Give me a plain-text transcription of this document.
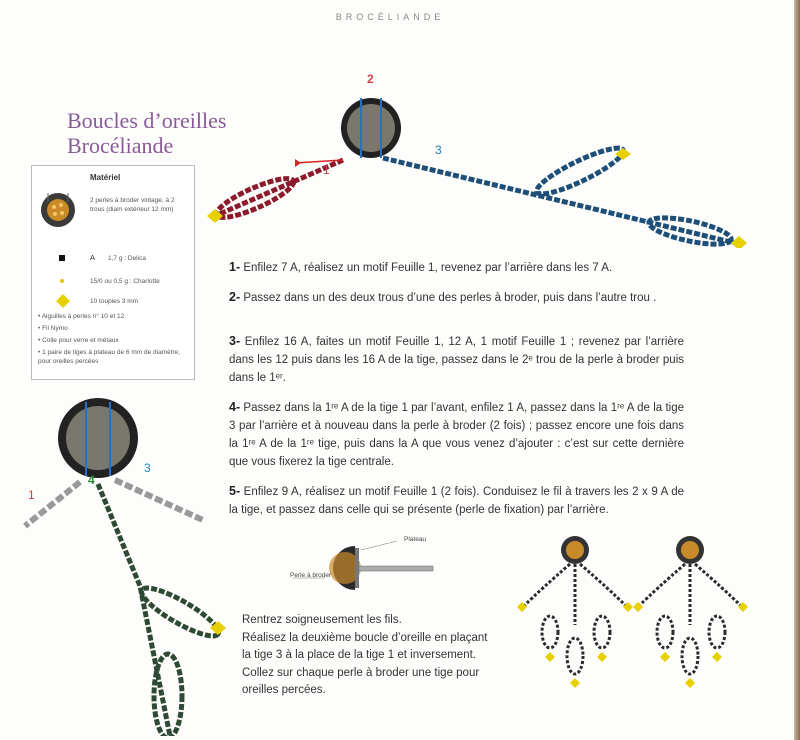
BROCÉLIANDE
Boucles d’oreilles
Brocéliande
Matériel
2 perles à broder vintage, à 2 trous (diam extérieur 12 mm)
A 1,7 g : Delica
15/0 ou 0,5 g : Charlotte
10 toupies 3 mm
• Aiguilles à perles n° 10 et 12
• Fil Nymo
• Colle pour verre et métaux
• 1 paire de tiges à plateau de 6 mm de diamètre, pour oreilles percées
2
1
3
1
3
4
1- Enfilez 7 A, réalisez un motif Feuille 1, revenez par l’arrière dans les 7 A.
2- Passez dans un des deux trous d’une des perles à broder, puis dans l’autre trou .
3- Enfilez 16 A, faites un motif Feuille 1, 12 A, 1 motif Feuille 1 ; revenez par l’arrière dans les 12 puis dans les 16 A de la tige, passez dans le 2ᵉ trou de la perle à broder puis dans le 1ᵉʳ.
4- Passez dans la 1ʳᵉ A de la tige 1 par l’avant, enfilez 1 A, passez dans la 1ʳᵉ A de la tige 3 par l’arrière et à nouveau dans la perle à broder (2 fois) ; passez encore une fois dans la 1ʳᵉ A de la 1ʳᵉ tige, puis dans la A que vous venez d’ajouter : c’est sur cette dernière que vous fixerez la tige centrale.
5- Enfilez 9 A, réalisez un motif Feuille 1 (2 fois). Conduisez le fil à travers les 2 x 9 A de la tige, et passez dans celle qui se présente (perle de fixation) par l’arrière.
Plateau
Perle à broder
Rentrez soigneusement les fils.
Réalisez la deuxième boucle d’oreille en plaçant la tige 3 à la place de la tige 1 et inversement.
Collez sur chaque perle à broder une tige pour oreilles percées.
